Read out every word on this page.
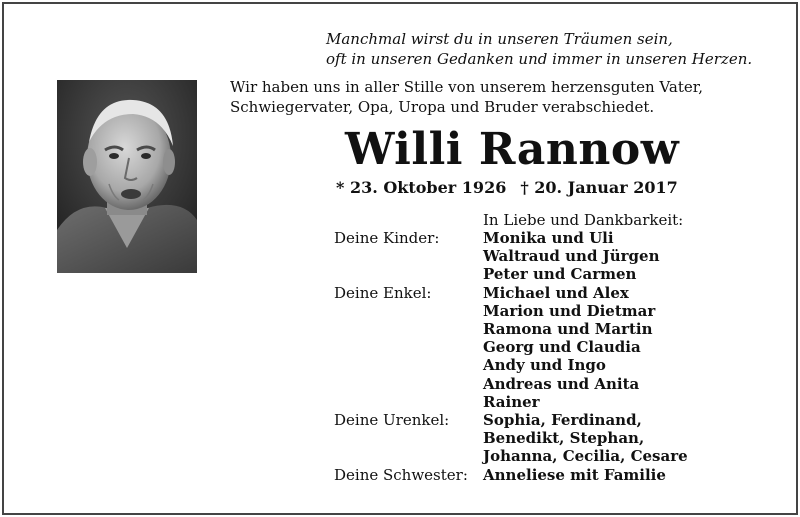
Manchmal wirst du in unseren Träumen sein,
oft in unseren Gedanken und immer in unseren Herzen.
Wir haben uns in aller Stille von unserem herzensguten Vater,
Schwiegervater, Opa, Uropa und Bruder verabschiedet.
Willi Rannow
* 23. Oktober 1926 † 20. Januar 2017
In Liebe und Dankbarkeit:
Deine Kinder:	Monika und Uli
Waltraud und Jürgen
Peter und Carmen
Deine Enkel:	Michael und Alex
Marion und Dietmar
Ramona und Martin
Georg und Claudia
Andy und Ingo
Andreas und Anita
Rainer
Deine Urenkel:	Sophia, Ferdinand,
Benedikt, Stephan,
Johanna, Cecilia, Cesare
Deine Schwester:	Anneliese mit Familie
